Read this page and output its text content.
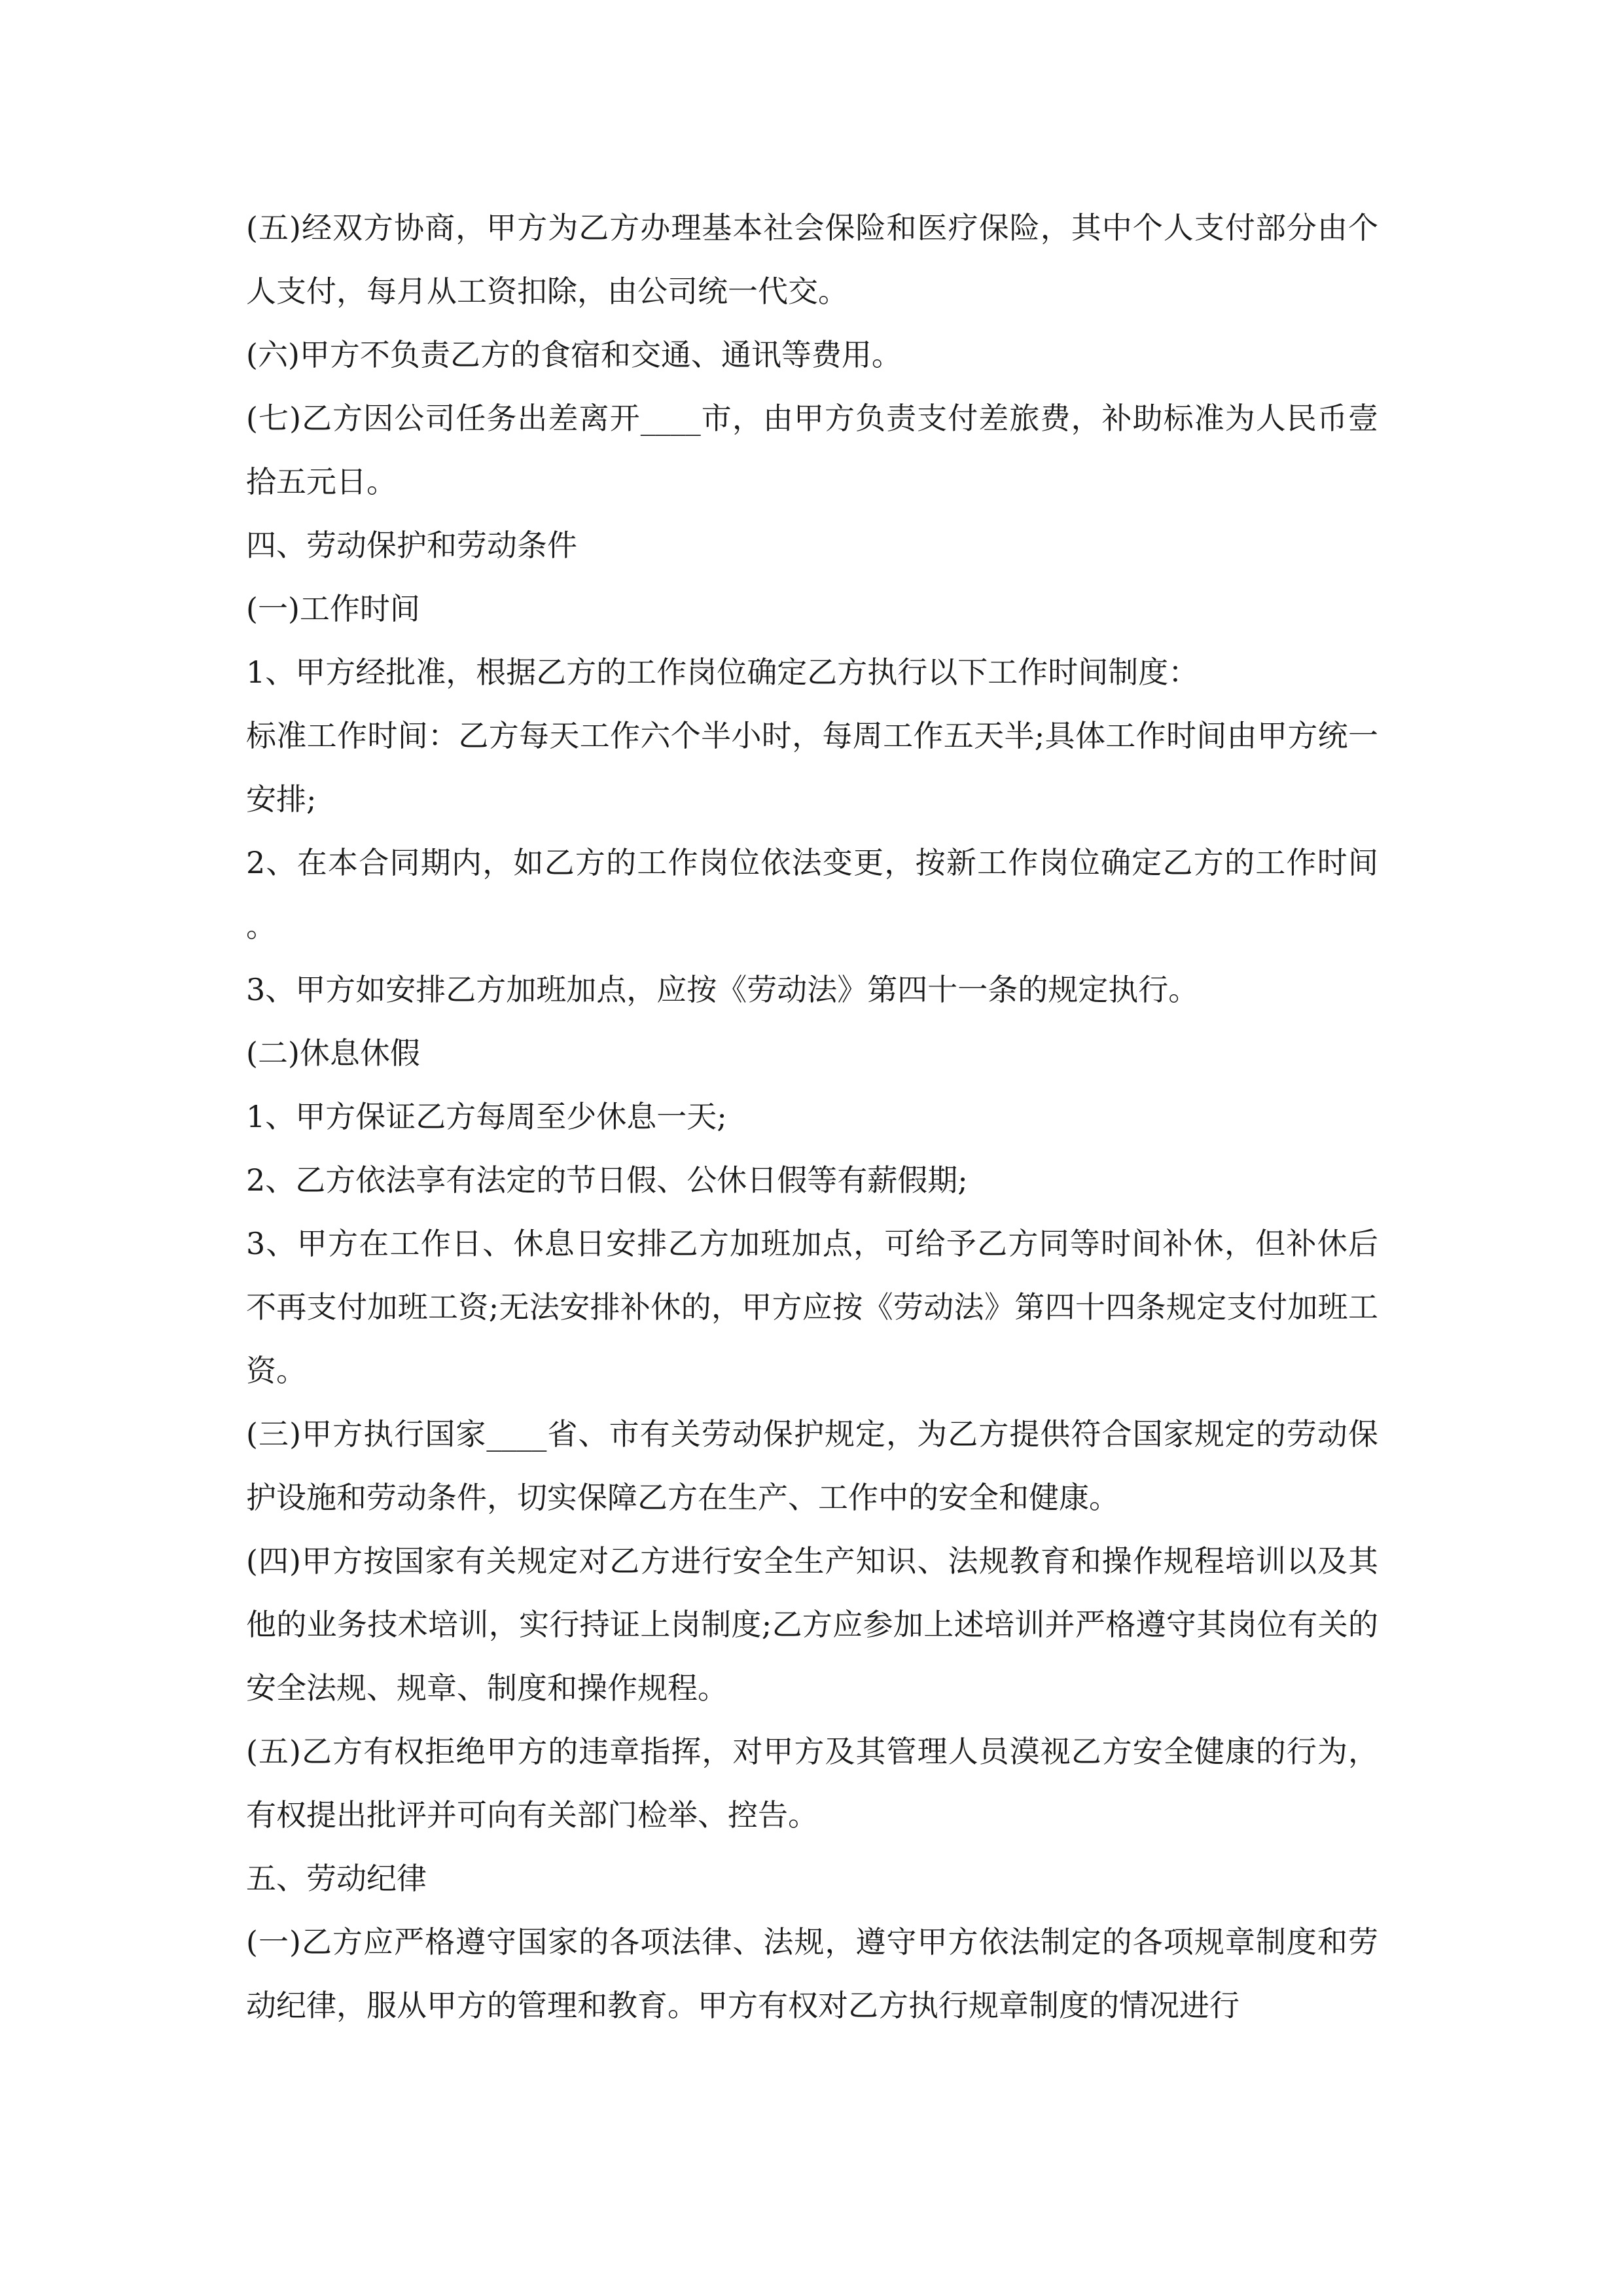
(五)经双方协商，甲方为乙方办理基本社会保险和医疗保险，其中个人支付部分由个人支付，每月从工资扣除，由公司统一代交。

(六)甲方不负责乙方的食宿和交通、通讯等费用。

(七)乙方因公司任务出差离开____市，由甲方负责支付差旅费，补助标准为人民币壹拾五元日。

四、劳动保护和劳动条件

(一)工作时间

1、甲方经批准，根据乙方的工作岗位确定乙方执行以下工作时间制度：

标准工作时间：乙方每天工作六个半小时，每周工作五天半;具体工作时间由甲方统一安排;

2、在本合同期内，如乙方的工作岗位依法变更，按新工作岗位确定乙方的工作时间。

3、甲方如安排乙方加班加点，应按《劳动法》第四十一条的规定执行。

(二)休息休假

1、甲方保证乙方每周至少休息一天;

2、乙方依法享有法定的节日假、公休日假等有薪假期;

3、甲方在工作日、休息日安排乙方加班加点，可给予乙方同等时间补休，但补休后不再支付加班工资;无法安排补休的，甲方应按《劳动法》第四十四条规定支付加班工资。

(三)甲方执行国家____省、市有关劳动保护规定，为乙方提供符合国家规定的劳动保护设施和劳动条件，切实保障乙方在生产、工作中的安全和健康。

(四)甲方按国家有关规定对乙方进行安全生产知识、法规教育和操作规程培训以及其他的业务技术培训，实行持证上岗制度;乙方应参加上述培训并严格遵守其岗位有关的安全法规、规章、制度和操作规程。

(五)乙方有权拒绝甲方的违章指挥，对甲方及其管理人员漠视乙方安全健康的行为，有权提出批评并可向有关部门检举、控告。

五、劳动纪律

(一)乙方应严格遵守国家的各项法律、法规，遵守甲方依法制定的各项规章制度和劳动纪律，服从甲方的管理和教育。甲方有权对乙方执行规章制度的情况进行
